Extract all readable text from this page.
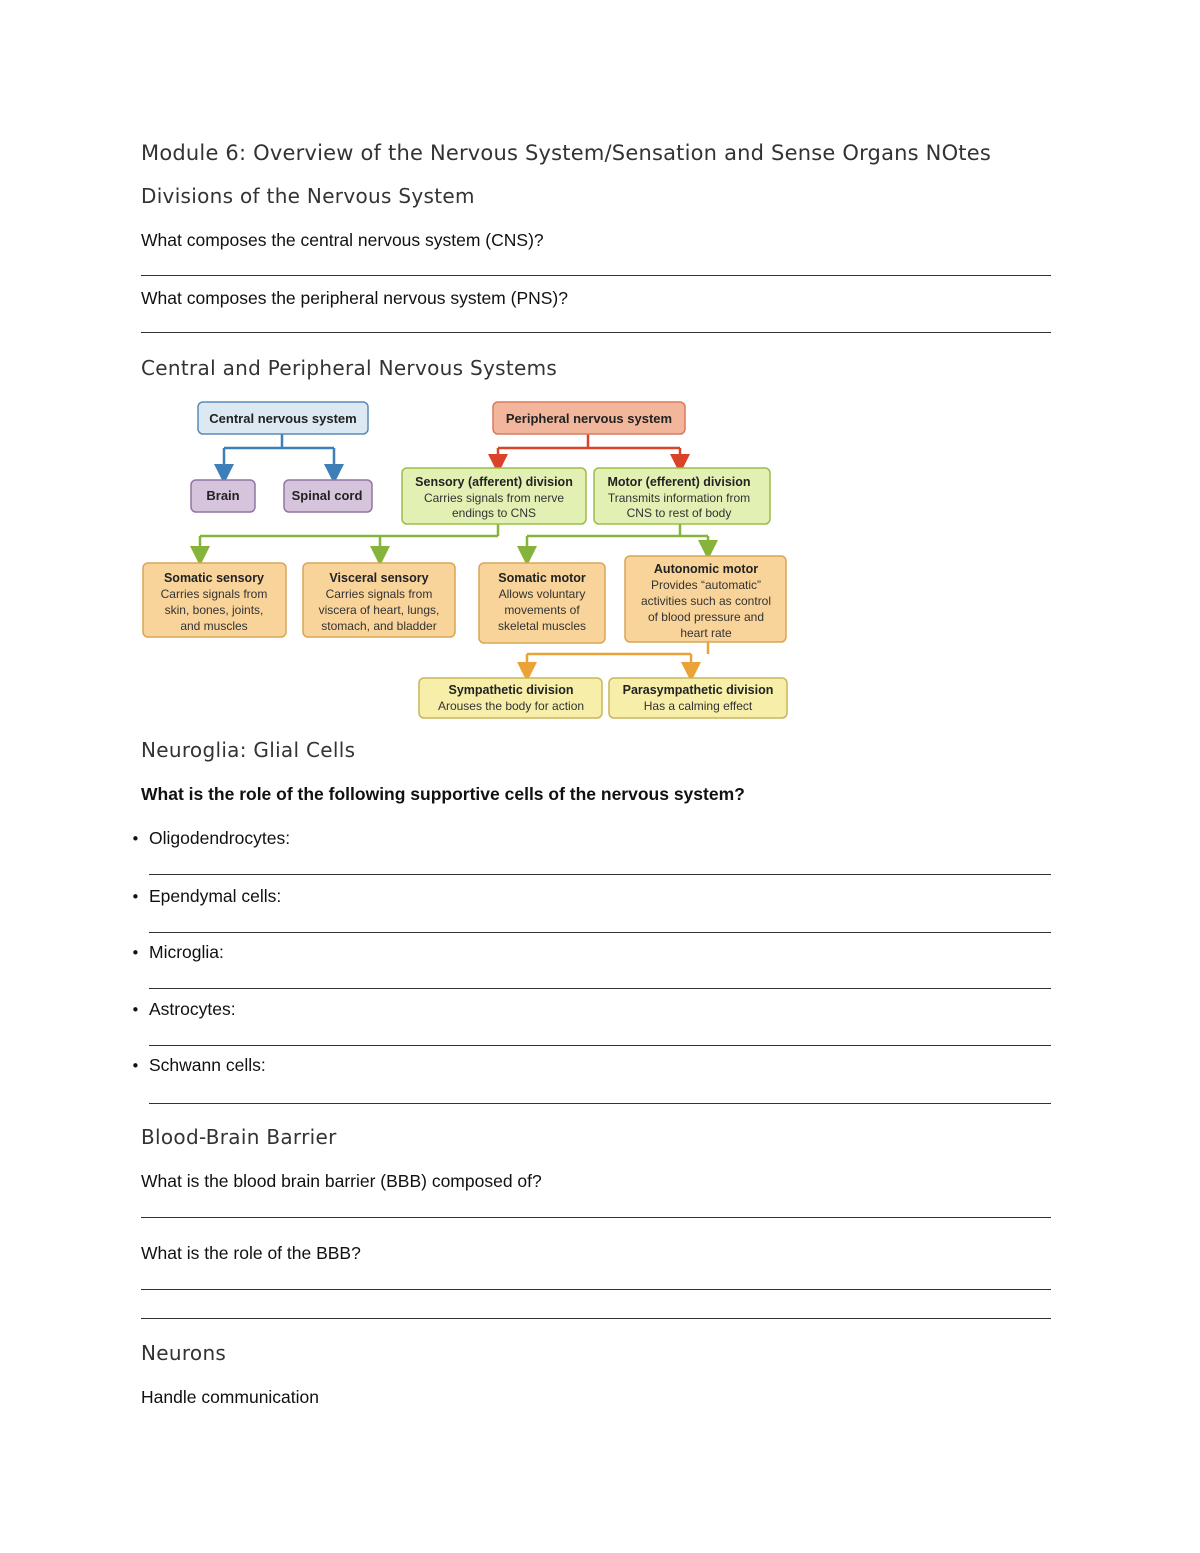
Module 6: Overview of the Nervous System/Sensation and Sense Organs NOtes
Divisions of the Nervous System
What composes the central nervous system (CNS)?
What composes the peripheral nervous system (PNS)?
Central and Peripheral Nervous Systems
Central nervous system	Peripheral nervous system
Brain	Spinal cord
Sensory (afferent) division
Carries signals from nerve
endings to CNS
Motor (efferent) division
Transmits information from
CNS to rest of body
Somatic sensory
Carries signals from
skin, bones, joints,
and muscles
Visceral sensory
Carries signals from
viscera of heart, lungs,
stomach, and bladder
Somatic motor
Allows voluntary
movements of
skeletal muscles
Autonomic motor
Provides “automatic”
activities such as control
of blood pressure and
heart rate
Sympathetic division
Arouses the body for action
Parasympathetic division
Has a calming effect
Neuroglia: Glial Cells
What is the role of the following supportive cells of the nervous system?
• Oligodendrocytes:
• Ependymal cells:
• Microglia:
• Astrocytes:
• Schwann cells:
Blood-Brain Barrier
What is the blood brain barrier (BBB) composed of?
What is the role of the BBB?
Neurons
Handle communication
